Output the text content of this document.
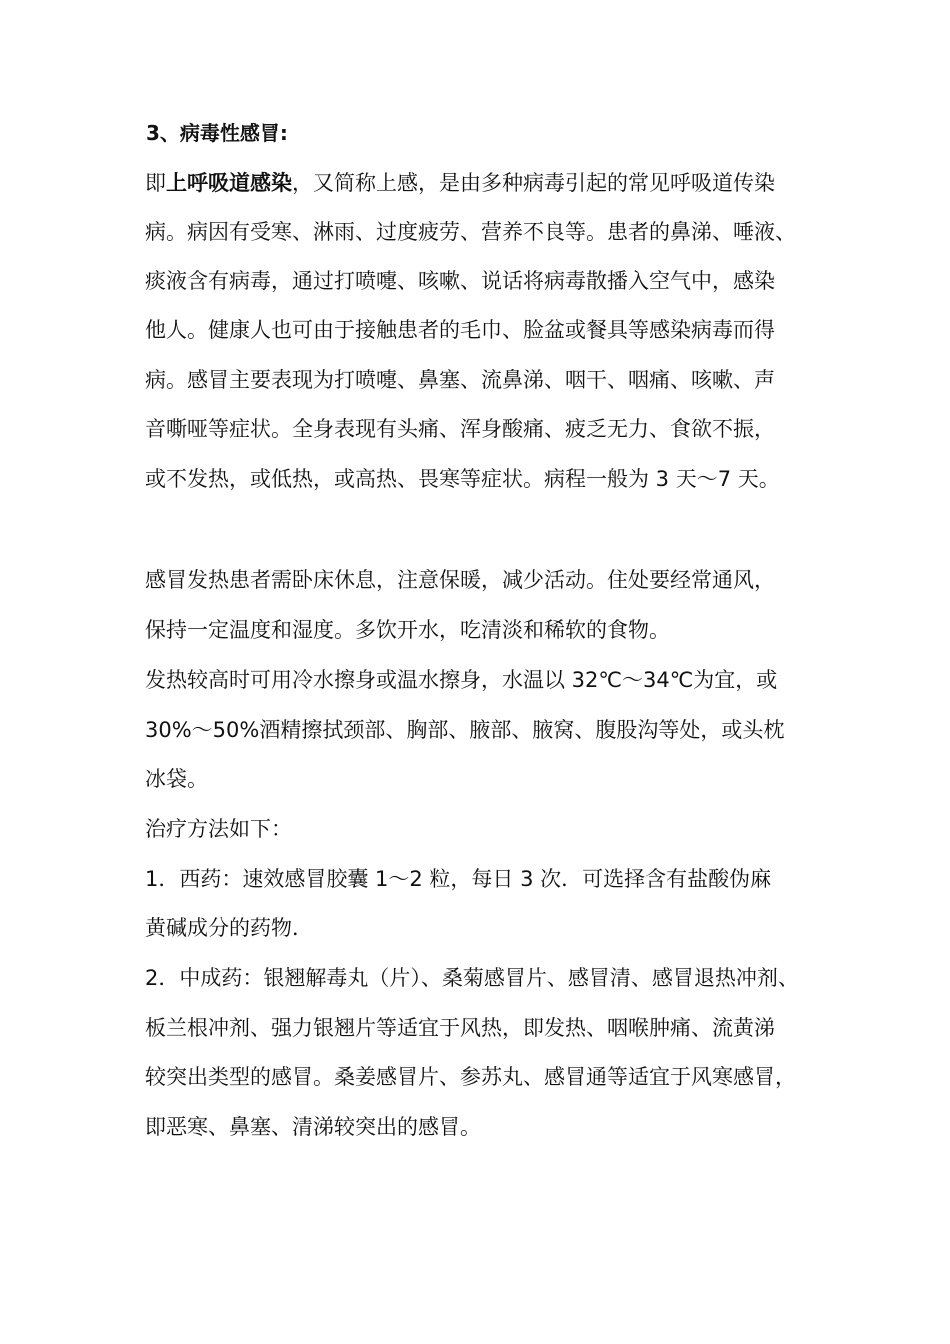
3、病毒性感冒:
即上呼吸道感染，又简称上感，是由多种病毒引起的常见呼吸道传染
病。病因有受寒、淋雨、过度疲劳、营养不良等。患者的鼻涕、唾液、
痰液含有病毒，通过打喷嚏、咳嗽、说话将病毒散播入空气中，感染
他人。健康人也可由于接触患者的毛巾、脸盆或餐具等感染病毒而得
病。感冒主要表现为打喷嚏、鼻塞、流鼻涕、咽干、咽痛、咳嗽、声
音嘶哑等症状。全身表现有头痛、浑身酸痛、疲乏无力、食欲不振，
或不发热，或低热，或高热、畏寒等症状。病程一般为 3 天～7 天。
感冒发热患者需卧床休息，注意保暖，减少活动。住处要经常通风，
保持一定温度和湿度。多饮开水，吃清淡和稀软的食物。
发热较高时可用冷水擦身或温水擦身，水温以 32℃～34℃为宜，或
30%～50%酒精擦拭颈部、胸部、腋部、腋窝、腹股沟等处，或头枕
冰袋。
治疗方法如下：
1．西药：速效感冒胶囊 1～2 粒，每日 3 次．可选择含有盐酸伪麻
黄碱成分的药物．
2．中成药：银翘解毒丸（片）、桑菊感冒片、感冒清、感冒退热冲剂、
板兰根冲剂、强力银翘片等适宜于风热，即发热、咽喉肿痛、流黄涕
较突出类型的感冒。桑姜感冒片、参苏丸、感冒通等适宜于风寒感冒，
即恶寒、鼻塞、清涕较突出的感冒。
